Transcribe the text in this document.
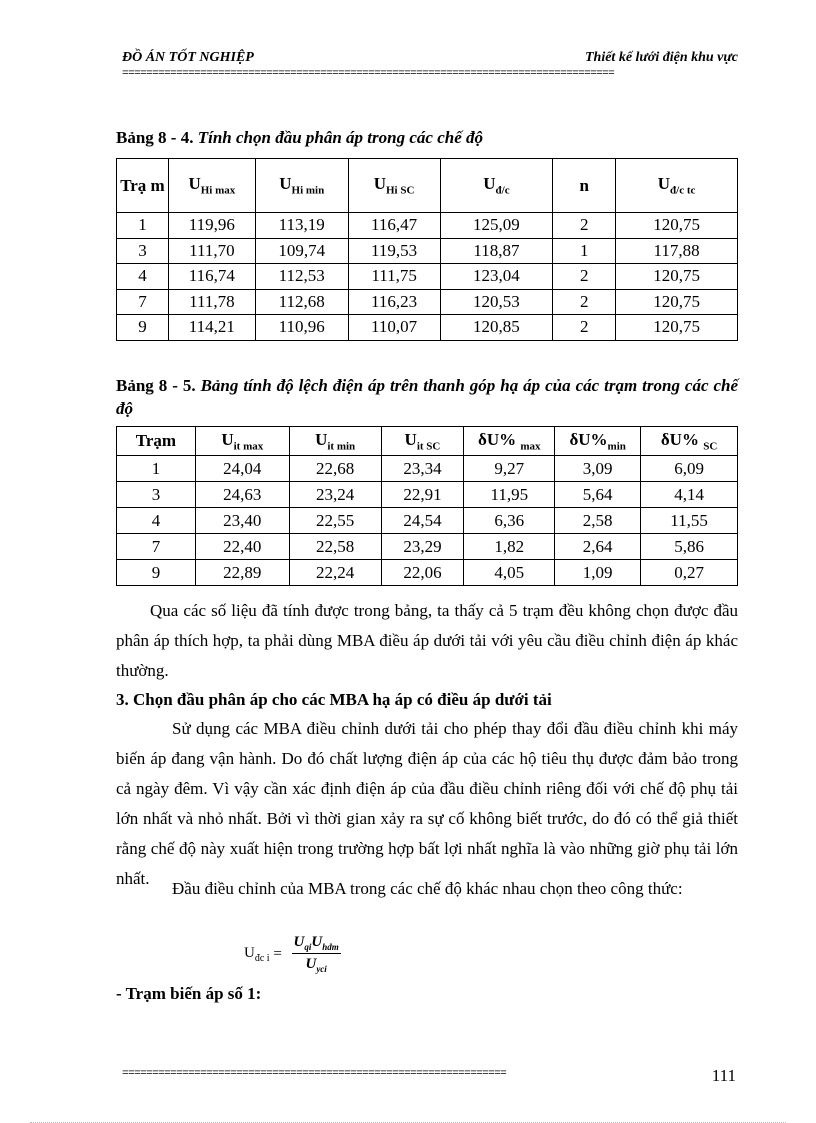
ĐỒ ÁN TỐT NGHIỆP	Thiết kế lưới điện khu vực
==================================================================================
Bảng 8 - 4. Tính chọn đầu phân áp trong các chế độ
Trạ m	$U_{Hi max}$	$U_{Hi min}$	$U_{Hi SC}$	$U_{đ/c}$	n	$U_{đ/c tc}$
1	119,96	113,19	116,47	125,09	2	120,75
3	111,70	109,74	119,53	118,87	1	117,88
4	116,74	112,53	111,75	123,04	2	120,75
7	111,78	112,68	116,23	120,53	2	120,75
9	114,21	110,96	110,07	120,85	2	120,75
Bảng 8 - 5. Bảng tính độ lệch điện áp trên thanh góp hạ áp của các trạm trong các chế độ
Trạm	$U_{it max}$	$U_{it min}$	$U_{it SC}$	δU% $_{max}$	$\delta U\%_{min}$	δU% $_{SC}$
1	24,04	22,68	23,34	9,27	3,09	6,09
3	24,63	23,24	22,91	11,95	5,64	4,14
4	23,40	22,55	24,54	6,36	2,58	11,55
7	22,40	22,58	23,29	1,82	2,64	5,86
9	22,89	22,24	22,06	4,05	1,09	0,27
Qua các số liệu đã tính được trong bảng, ta thấy cả 5 trạm đều không chọn được đầu phân áp thích hợp, ta phải dùng MBA điều áp dưới tải với yêu cầu điều chỉnh điện áp khác thường.
3. Chọn đầu phân áp cho các MBA hạ áp có điều áp dưới tải
Sử dụng các MBA điều chỉnh dưới tải cho phép thay đổi đầu điều chỉnh khi máy biến áp đang vận hành. Do đó chất lượng điện áp của các hộ tiêu thụ được đảm bảo trong cả ngày đêm. Vì vậy cần xác định điện áp của đầu điều chỉnh riêng đối với chế độ phụ tải lớn nhất và nhỏ nhất. Bởi vì thời gian xảy ra sự cố không biết trước, do đó có thể giả thiết rằng chế độ này xuất hiện trong trường hợp bất lợi nhất nghĩa là vào những giờ phụ tải lớn nhất.
Đầu điều chỉnh của MBA trong các chế độ khác nhau chọn theo công thức:
$U_{đc i} = \frac{U_{qi}U_{hdm}}{U_{yci}}$
- Trạm biến áp số 1:
================================================================	111
